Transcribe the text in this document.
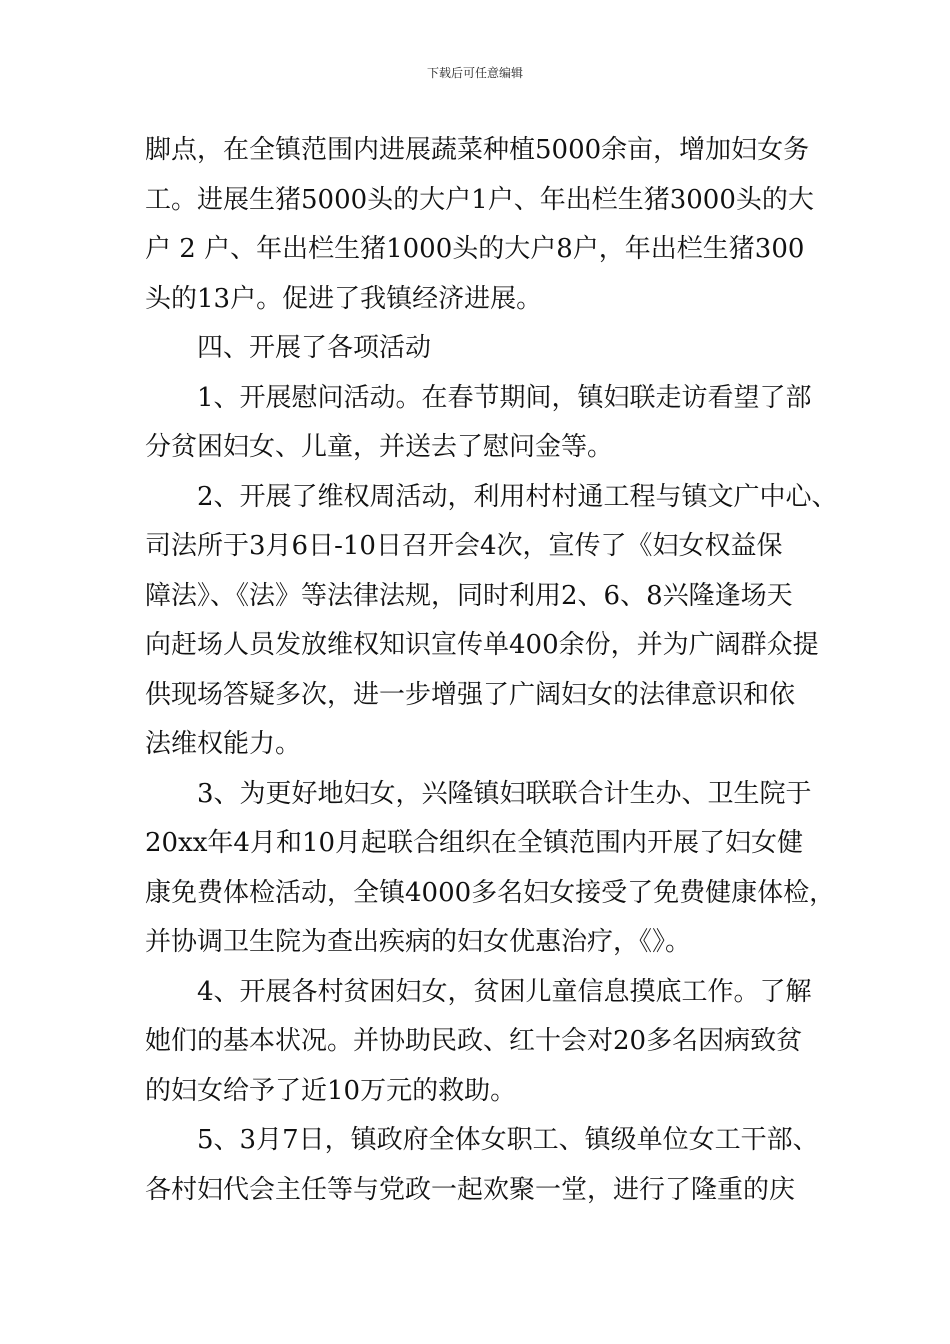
下载后可任意编辑
脚点，在全镇范围内进展蔬菜种植5000余亩，增加妇女务
工。进展生猪5000头的大户1户、年出栏生猪3000头的大
户 2 户、年出栏生猪1000头的大户8户，年出栏生猪300
头的13户。促进了我镇经济进展。
四、开展了各项活动
1、开展慰问活动。在春节期间，镇妇联走访看望了部
分贫困妇女、儿童，并送去了慰问金等。
2、开展了维权周活动，利用村村通工程与镇文广中心、
司法所于3月6日-10日召开会4次，宣传了《妇女权益保
障法》、《法》等法律法规，同时利用2、6、8兴隆逢场天
向赶场人员发放维权知识宣传单400余份，并为广阔群众提
供现场答疑多次，进一步增强了广阔妇女的法律意识和依
法维权能力。
3、为更好地妇女，兴隆镇妇联联合计生办、卫生院于
20xx年4月和10月起联合组织在全镇范围内开展了妇女健
康免费体检活动，全镇4000多名妇女接受了免费健康体检，
并协调卫生院为查出疾病的妇女优惠治疗，《》。
4、开展各村贫困妇女，贫困儿童信息摸底工作。了解
她们的基本状况。并协助民政、红十会对20多名因病致贫
的妇女给予了近10万元的救助。
5、3月7日，镇政府全体女职工、镇级单位女工干部、
各村妇代会主任等与党政一起欢聚一堂，进行了隆重的庆
